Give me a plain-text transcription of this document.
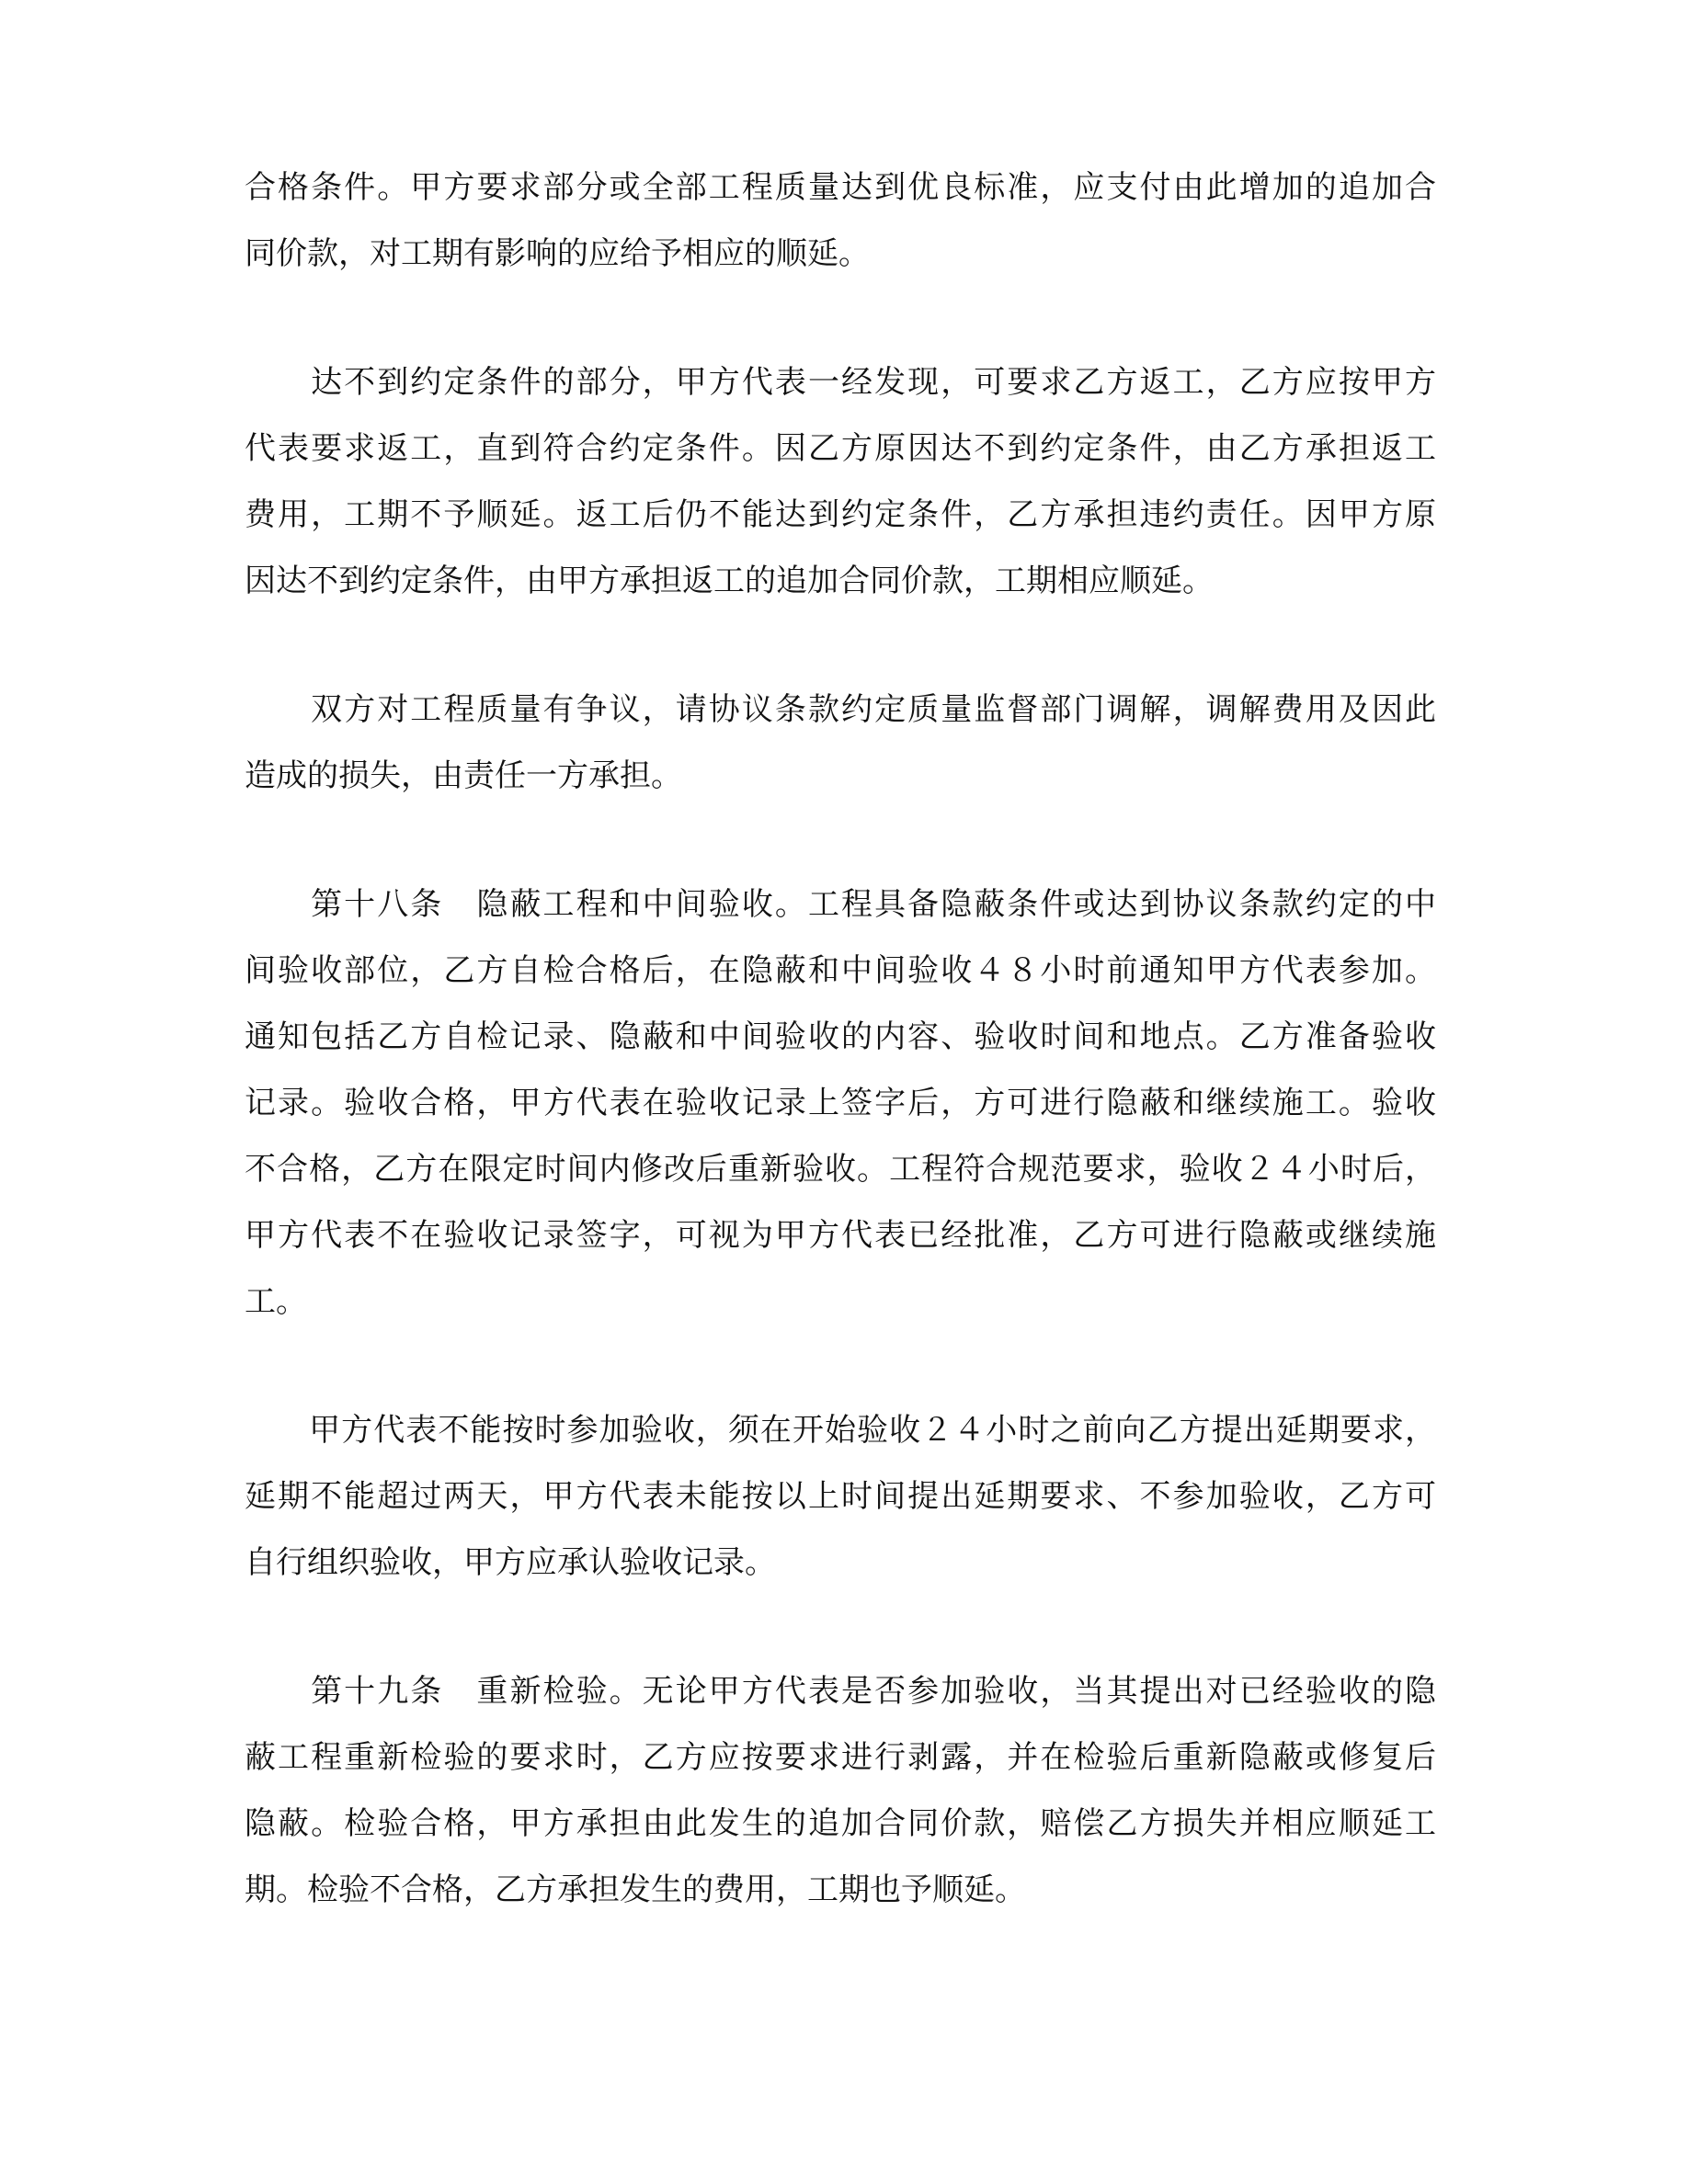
合格条件。甲方要求部分或全部工程质量达到优良标准，应支付由此增加的追加合
同价款，对工期有影响的应给予相应的顺延。
　　达不到约定条件的部分，甲方代表一经发现，可要求乙方返工，乙方应按甲方
代表要求返工，直到符合约定条件。因乙方原因达不到约定条件，由乙方承担返工
费用，工期不予顺延。返工后仍不能达到约定条件，乙方承担违约责任。因甲方原
因达不到约定条件，由甲方承担返工的追加合同价款，工期相应顺延。
　　双方对工程质量有争议，请协议条款约定质量监督部门调解，调解费用及因此
造成的损失，由责任一方承担。
　　第十八条　隐蔽工程和中间验收。工程具备隐蔽条件或达到协议条款约定的中
间验收部位，乙方自检合格后，在隐蔽和中间验收４８小时前通知甲方代表参加。
通知包括乙方自检记录、隐蔽和中间验收的内容、验收时间和地点。乙方准备验收
记录。验收合格，甲方代表在验收记录上签字后，方可进行隐蔽和继续施工。验收
不合格，乙方在限定时间内修改后重新验收。工程符合规范要求，验收２４小时后，
甲方代表不在验收记录签字，可视为甲方代表已经批准，乙方可进行隐蔽或继续施
工。
　　甲方代表不能按时参加验收，须在开始验收２４小时之前向乙方提出延期要求，
延期不能超过两天，甲方代表未能按以上时间提出延期要求、不参加验收，乙方可
自行组织验收，甲方应承认验收记录。
　　第十九条　重新检验。无论甲方代表是否参加验收，当其提出对已经验收的隐
蔽工程重新检验的要求时，乙方应按要求进行剥露，并在检验后重新隐蔽或修复后
隐蔽。检验合格，甲方承担由此发生的追加合同价款，赔偿乙方损失并相应顺延工
期。检验不合格，乙方承担发生的费用，工期也予顺延。
